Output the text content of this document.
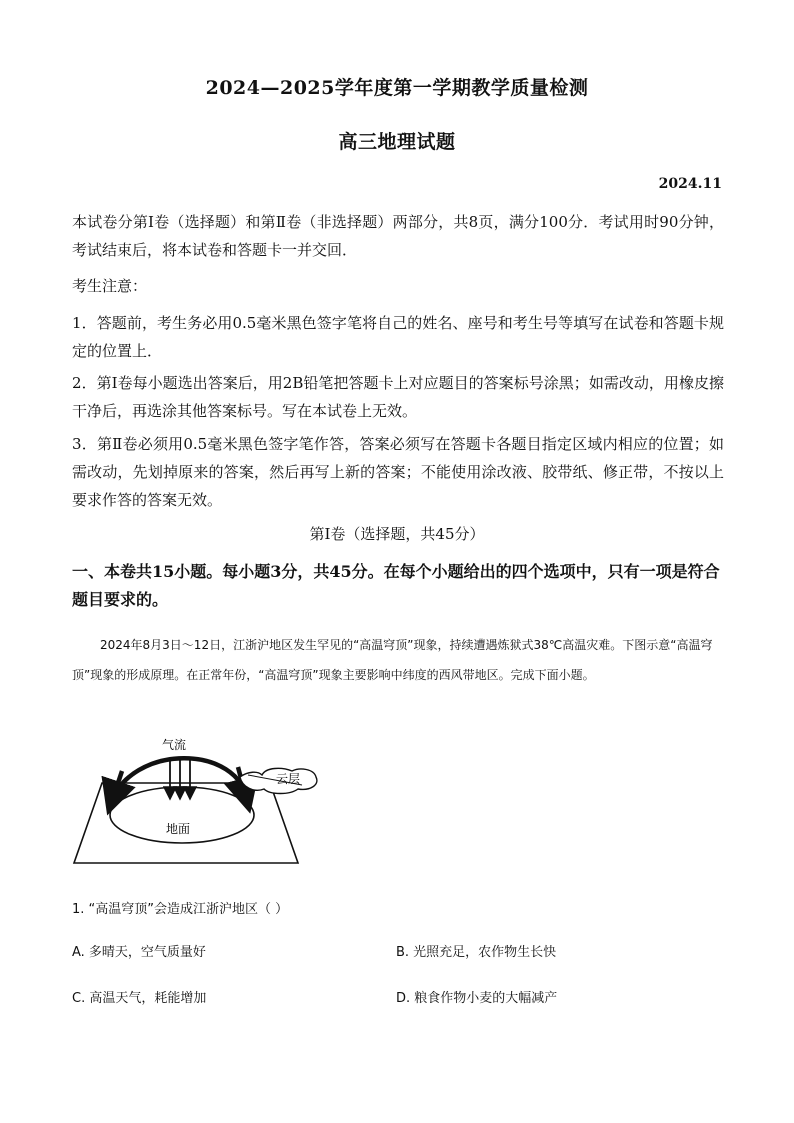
2024—2025学年度第一学期教学质量检测
高三地理试题
2024.11
本试卷分第Ⅰ卷（选择题）和第Ⅱ卷（非选择题）两部分，共8页，满分100分．考试用时90分钟，考试结束后，将本试卷和答题卡一并交回．
考生注意：
1．答题前，考生务必用0.5毫米黑色签字笔将自己的姓名、座号和考生号等填写在试卷和答题卡规定的位置上．
2．第Ⅰ卷每小题选出答案后，用2B铅笔把答题卡上对应题目的答案标号涂黑；如需改动，用橡皮擦干净后，再选涂其他答案标号。写在本试卷上无效。
3．第Ⅱ卷必须用0.5毫米黑色签字笔作答，答案必须写在答题卡各题目指定区域内相应的位置；如需改动，先划掉原来的答案，然后再写上新的答案；不能使用涂改液、胶带纸、修正带，不按以上要求作答的答案无效。
第Ⅰ卷（选择题，共45分）
一、本卷共15小题。每小题3分，共45分。在每个小题给出的四个选项中，只有一项是符合题目要求的。
2024年8月3日～12日，江浙沪地区发生罕见的“高温穹顶”现象，持续遭遇炼狱式38℃高温灾难。下图示意“高温穹顶”现象的形成原理。在正常年份，“高温穹顶”现象主要影响中纬度的西风带地区。完成下面小题。
气流
云层
地面
1. “高温穹顶”会造成江浙沪地区（ ）
A. 多晴天，空气质量好	B. 光照充足，农作物生长快
C. 高温天气，耗能增加	D. 粮食作物小麦的大幅减产
